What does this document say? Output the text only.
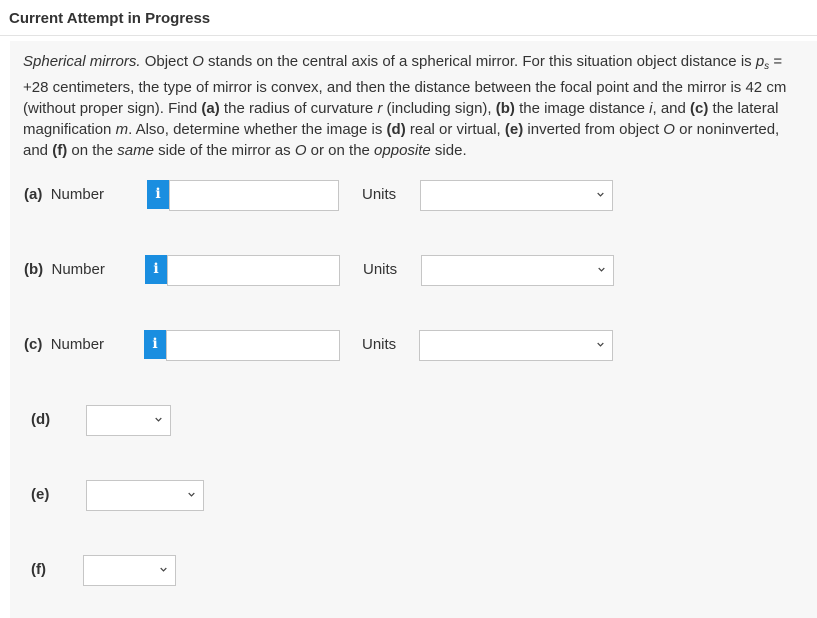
Current Attempt in Progress
Spherical mirrors. Object O stands on the central axis of a spherical mirror. For this situation object distance is $p_s = +28$ centimeters, the type of mirror is convex, and then the distance between the focal point and the mirror is 42 cm (without proper sign). Find (a) the radius of curvature r (including sign), (b) the image distance i, and (c) the lateral magnification m. Also, determine whether the image is (d) real or virtual, (e) inverted from object O or noninverted, and (f) on the same side of the mirror as O or on the opposite side.
(a) Number	i	Units
(b) Number	i	Units
(c) Number	i	Units
(d)
(e)
(f)
